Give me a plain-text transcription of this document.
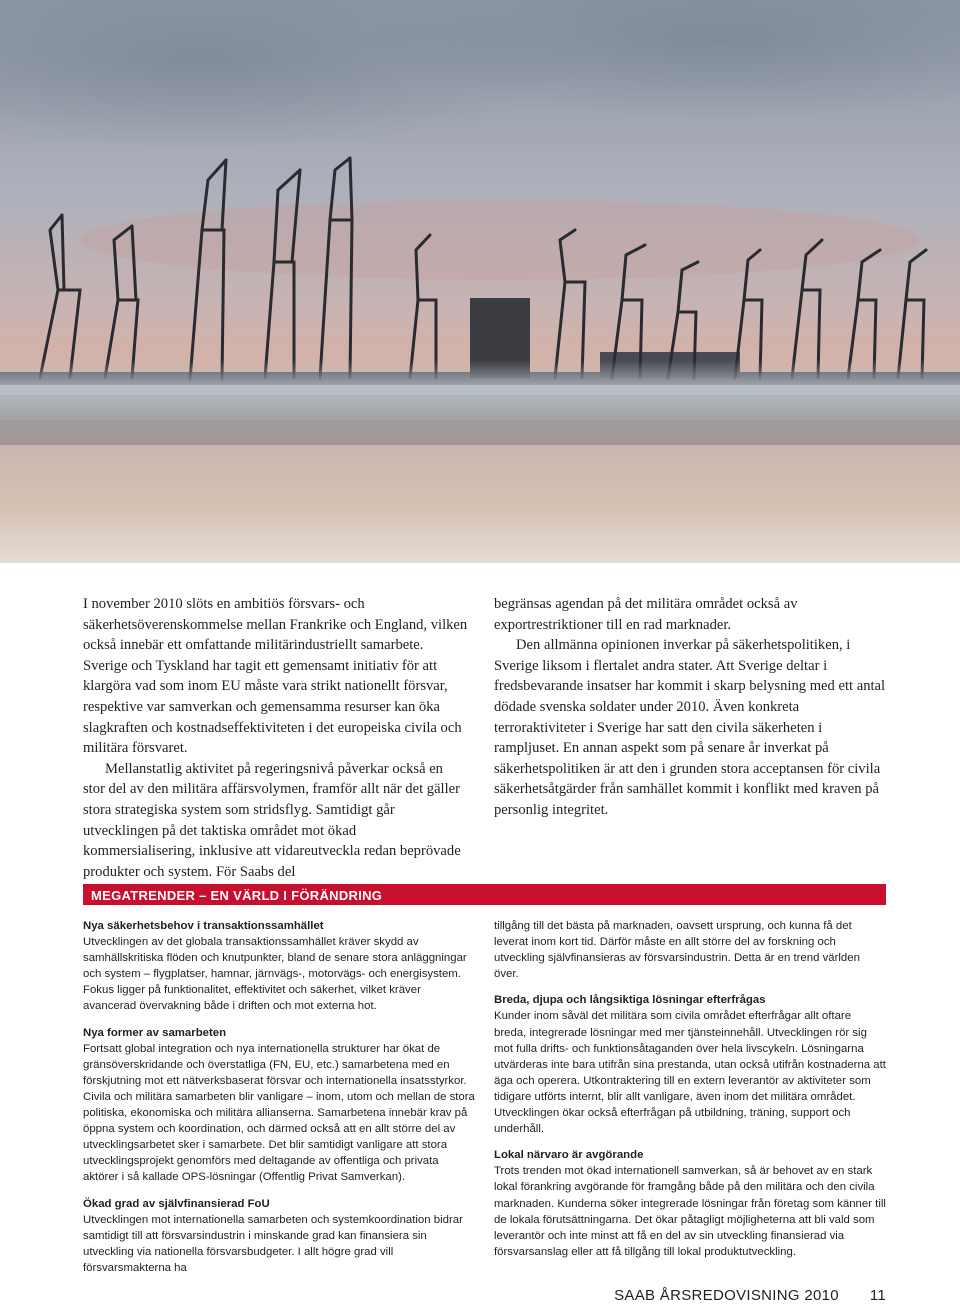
I november 2010 slöts en ambitiös försvars- och säkerhetsöverenskommelse mellan Frankrike och England, vilken också innebär ett omfattande militärindustriellt samarbete. Sverige och Tyskland har tagit ett gemensamt initiativ för att klargöra vad som inom EU måste vara strikt nationellt försvar, respektive var samverkan och gemensamma resurser kan öka slagkraften och kostnadseffektiviteten i det europeiska civila och militära försvaret.

Mellanstatlig aktivitet på regeringsnivå påverkar också en stor del av den militära affärsvolymen, framför allt när det gäller stora strategiska system som stridsflyg. Samtidigt går utvecklingen på det taktiska området mot ökad kommersialisering, inklusive att vidareutveckla redan beprövade produkter och system. För Saabs del

begränsas agendan på det militära området också av exportrestriktioner till en rad marknader.

Den allmänna opinionen inverkar på säkerhetspolitiken, i Sverige liksom i flertalet andra stater. Att Sverige deltar i fredsbevarande insatser har kommit i skarp belysning med ett antal dödade svenska soldater under 2010. Även konkreta terroraktiviteter i Sverige har satt den civila säkerheten i rampljuset. En annan aspekt som på senare år inverkat på säkerhetspolitiken är att den i grunden stora acceptansen för civila säkerhetsåtgärder från samhället kommit i konflikt med kraven på personlig integritet.

MEGATRENDER – EN VÄRLD I FÖRÄNDRING
Nya säkerhetsbehov i transaktionssamhället

Utvecklingen av det globala transaktionssamhället kräver skydd av samhällskritiska flöden och knutpunkter, bland de senare stora anläggningar och system – flygplatser, hamnar, järnvägs-, motorvägs- och energisystem. Fokus ligger på funktionalitet, effektivitet och säkerhet, vilket kräver avancerad övervakning både i driften och mot externa hot.

Nya former av samarbeten

Fortsatt global integration och nya internationella strukturer har ökat de gränsöverskridande och överstatliga (FN, EU, etc.) samarbetena med en förskjutning mot ett nätverksbaserat försvar och internationella insatsstyrkor. Civila och militära samarbeten blir vanligare – inom, utom och mellan de stora politiska, ekonomiska och militära allianserna. Samarbetena innebär krav på öppna system och koordination, och därmed också att en allt större del av utvecklingsarbetet sker i samarbete. Det blir samtidigt vanligare att stora utvecklingsprojekt genomförs med deltagande av offentliga och privata aktörer i så kallade OPS-lösningar (Offentlig Privat Samverkan).

Ökad grad av självfinansierad FoU

Utvecklingen mot internationella samarbeten och systemkoordination bidrar samtidigt till att försvarsindustrin i minskande grad kan finansiera sin utveckling via nationella försvarsbudgeter. I allt högre grad vill försvarsmakterna ha

tillgång till det bästa på marknaden, oavsett ursprung, och kunna få det leverat inom kort tid. Därför måste en allt större del av forskning och utveckling självfinansieras av försvarsindustrin. Detta är en trend världen över.

Breda, djupa och långsiktiga lösningar efterfrågas

Kunder inom såväl det militära som civila området efterfrågar allt oftare breda, integrerade lösningar med mer tjänsteinnehåll. Utvecklingen rör sig mot fulla drifts- och funktionsåtaganden över hela livscykeln. Lösningarna utvärderas inte bara utifrån sina prestanda, utan också utifrån kostnaderna att äga och operera. Utkontraktering till en extern leverantör av aktiviteter som tidigare utförts internt, blir allt vanligare, även inom det militära området. Utvecklingen ökar också efterfrågan på utbildning, träning, support och underhåll.

Lokal närvaro är avgörande

Trots trenden mot ökad internationell samverkan, så är behovet av en stark lokal förankring avgörande för framgång både på den militära och den civila marknaden. Kunderna söker integrerade lösningar från företag som känner till de lokala förutsättningarna. Det ökar påtagligt möjligheterna att bli vald som leverantör och inte minst att få en del av sin utveckling finansierad via försvarsanslag eller att få tillgång till lokal produktutveckling.

SAAB ÅRSREDOVISNING 2010 11
